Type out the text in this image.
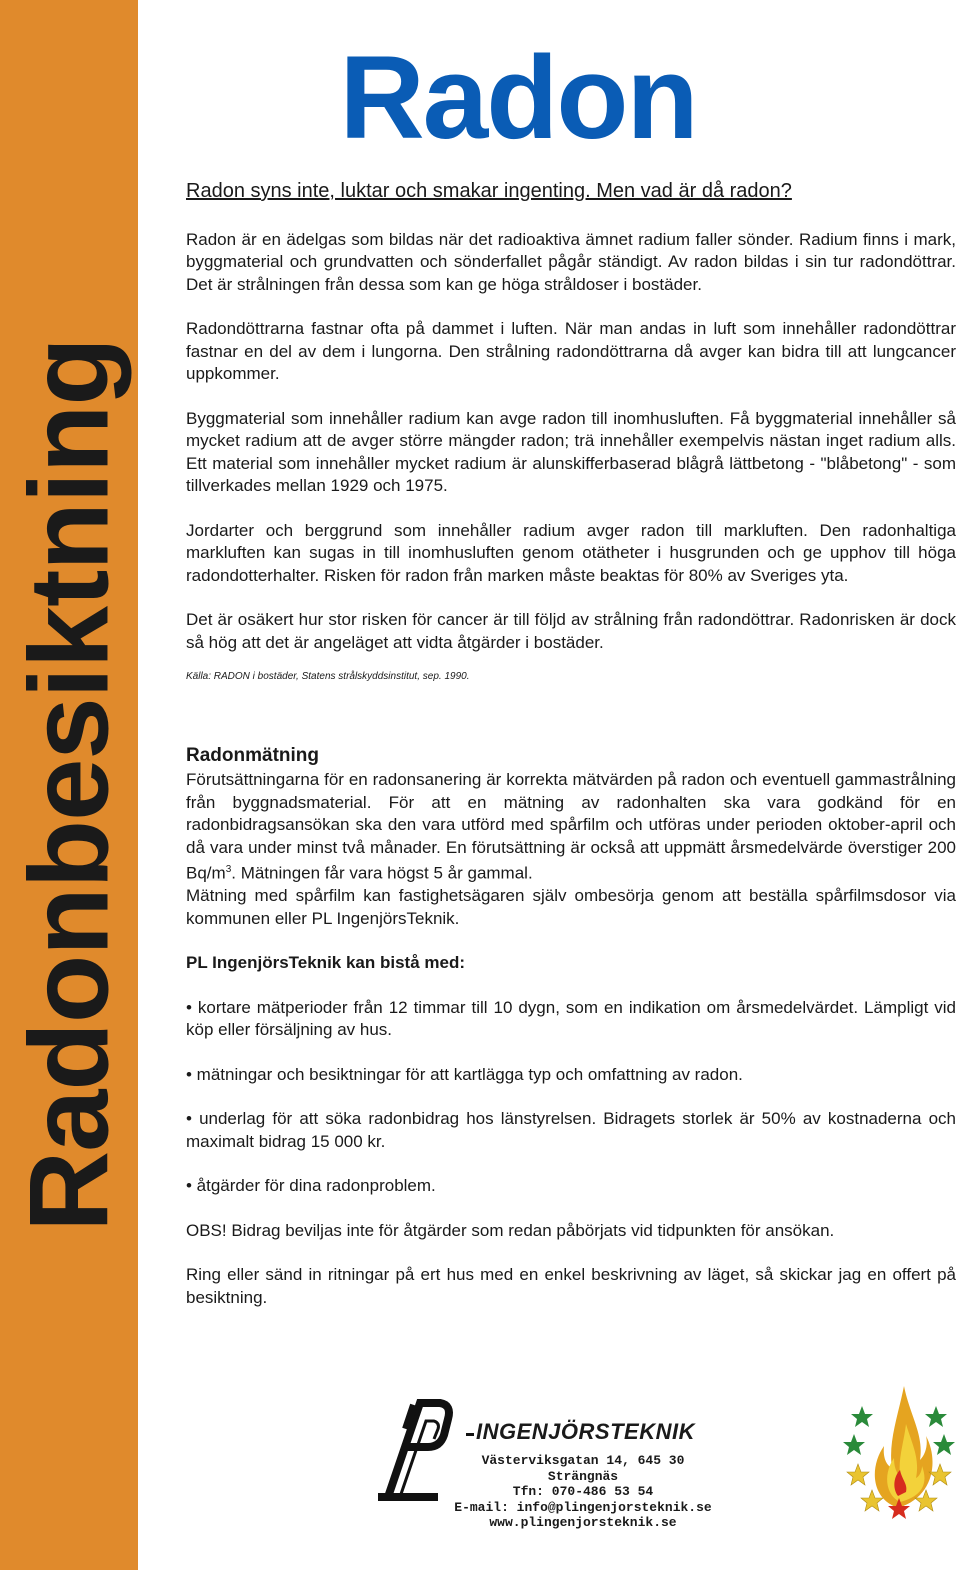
Radonbesiktning
Radon

Radon syns inte, luktar och smakar ingenting. Men vad är då radon?

Radon är en ädelgas som bildas när det radioaktiva ämnet radium faller sönder. Radium finns i mark, byggmaterial och grundvatten och sönderfallet pågår ständigt. Av radon bildas i sin tur radondöttrar. Det är strålningen från dessa som kan ge höga stråldoser i bostäder.

Radondöttrarna fastnar ofta på dammet i luften. När man andas in luft som innehåller radondöttrar fastnar en del av dem i lungorna. Den strålning radondöttrarna då avger kan bidra till att lungcancer uppkommer.

Byggmaterial som innehåller radium kan avge radon till inomhusluften. Få byggmaterial innehåller så mycket radium att de avger större mängder radon; trä innehåller exempelvis nästan inget radium alls. Ett material som innehåller mycket radium är alunskifferbaserad blågrå lättbetong - "blåbetong" - som tillverkades mellan 1929 och 1975.

Jordarter och berggrund som innehåller radium avger radon till markluften. Den radonhaltiga markluften kan sugas in till inomhusluften genom otätheter i husgrunden och ge upphov till höga radondotterhalter. Risken för radon från marken måste beaktas för 80% av Sveriges yta.

Det är osäkert hur stor risken för cancer är till följd av strålning från radondöttrar. Radonrisken är dock så hög att det är angeläget att vidta åtgärder i bostäder.

Källa: RADON i bostäder, Statens strålskyddsinstitut, sep. 1990.

Radonmätning

Förutsättningarna för en radonsanering är korrekta mätvärden på radon och eventuell gammastrålning från byggnadsmaterial. För att en mätning av radonhalten ska vara godkänd för en radonbidragsansökan ska den vara utförd med spårfilm och utföras under perioden oktober-april och då vara under minst två månader. En förutsättning är också att uppmätt årsmedelvärde överstiger 200 $Bq/m^3$. Mätningen får vara högst 5 år gammal.

Mätning med spårfilm kan fastighetsägaren själv ombesörja genom att beställa spårfilmsdosor via kommunen eller PL IngenjörsTeknik.

PL IngenjörsTeknik kan bistå med:

• kortare mätperioder från 12 timmar till 10 dygn, som en indikation om årsmedelvärdet. Lämpligt vid köp eller försäljning av hus.

• mätningar och besiktningar för att kartlägga typ och omfattning av radon.

• underlag för att söka radonbidrag hos länstyrelsen. Bidragets storlek är 50% av kostnaderna och maximalt bidrag 15 000 kr.

• åtgärder för dina radonproblem.

OBS! Bidrag beviljas inte för åtgärder som redan påbörjats vid tidpunkten för ansökan.

Ring eller sänd in ritningar på ert hus med en enkel beskrivning av läget, så skickar jag en offert på besiktning.

INGENJÖRSTEKNIK
Västerviksgatan 14, 645 30 Strängnäs
Tfn: 070-486 53 54
E-mail: info@plingenjorsteknik.se
www.plingenjorsteknik.se
